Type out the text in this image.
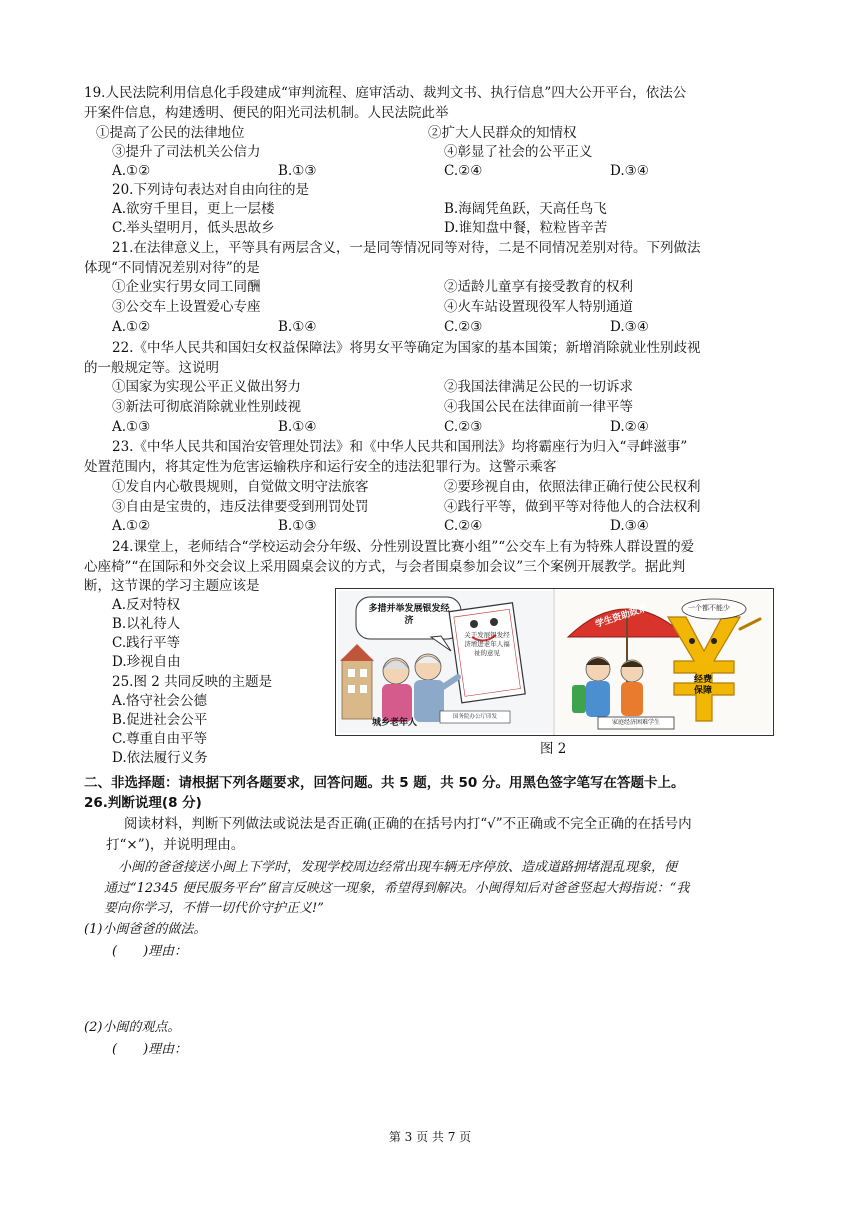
19.人民法院利用信息化手段建成“审判流程、庭审活动、裁判文书、执行信息”四大公开平台，依法公
开案件信息，构建透明、便民的阳光司法机制。人民法院此举
①提高了公民的法律地位	②扩大人民群众的知情权
③提升了司法机关公信力	④彰显了社会的公平正义
A.①②	B.①③	C.②④	D.③④
20.下列诗句表达对自由向往的是
A.欲穷千里目，更上一层楼	B.海阔凭鱼跃，天高任鸟飞
C.举头望明月，低头思故乡	D.谁知盘中餐，粒粒皆辛苦
21.在法律意义上，平等具有两层含义，一是同等情况同等对待，二是不同情况差别对待。下列做法
体现“不同情况差别对待”的是
①企业实行男女同工同酬	②适龄儿童享有接受教育的权利
③公交车上设置爱心专座	④火车站设置现役军人特别通道
A.①②	B.①④	C.②③	D.③④
22.《中华人民共和国妇女权益保障法》将男女平等确定为国家的基本国策；新增消除就业性别歧视
的一般规定等。这说明
①国家为实现公平正义做出努力	②我国法律满足公民的一切诉求
③新法可彻底消除就业性别歧视	④我国公民在法律面前一律平等
A.①③	B.①④	C.②③	D.②④
23.《中华人民共和国治安管理处罚法》和《中华人民共和国刑法》均将霸座行为归入“寻衅滋事”
处置范围内，将其定性为危害运输秩序和运行安全的违法犯罪行为。这警示乘客
①发自内心敬畏规则，自觉做文明守法旅客	②要珍视自由，依照法律正确行使公民权利
③自由是宝贵的，违反法律要受到刑罚处罚	④践行平等，做到平等对待他人的合法权利
A.①②	B.①③	C.②④	D.③④
24.课堂上，老师结合“学校运动会分年级、分性别设置比赛小组”“公交车上有为特殊人群设置的爱
心座椅”“在国际和外交会议上采用圆桌会议的方式，与会者围桌参加会议”三个案例开展教学。据此判
断，这节课的学习主题应该是
A.反对特权
B.以礼待人
C.践行平等
D.珍视自由
25.图 2 共同反映的主题是
A.恪守社会公德
B.促进社会公平
C.尊重自由平等
D.依法履行义务
多措并举发展银发经济
关于发展银发经济增进老年人福祉的意见
国务院办公厅印发
城乡老年人
学生资助政策	一个都不能少
经费保障
家庭经济困难学生
图 2
二、非选择题：请根据下列各题要求，回答问题。共 5 题，共 50 分。用黑色签字笔写在答题卡上。
26.判断说理(8 分)
阅读材料，判断下列做法或说法是否正确(正确的在括号内打“√”不正确或不完全正确的在括号内
打“×”)，并说明理由。
小闽的爸爸接送小闽上下学时，发现学校周边经常出现车辆无序停放、造成道路拥堵混乱现象，便
通过“12345 便民服务平台”留言反映这一现象，希望得到解决。小闽得知后对爸爸竖起大拇指说：“我
要向你学习，不惜一切代价守护正义!”
(1)小闽爸爸的做法。
(　　)理由：
(2)小闽的观点。
(　　)理由：
第 3 页 共 7 页
